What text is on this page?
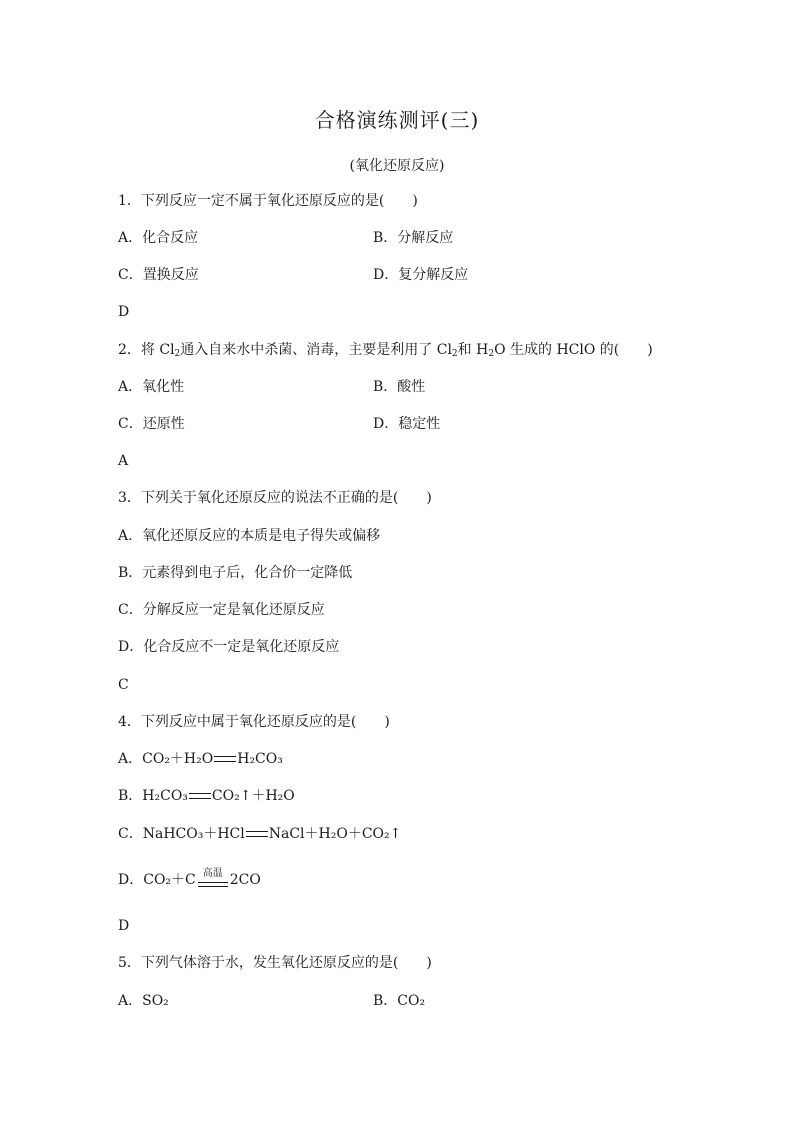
合格演练测评(三)
(氧化还原反应)
1．下列反应一定不属于氧化还原反应的是(　　)
A．化合反应	B．分解反应
C．置换反应	D．复分解反应
D
2．将 $Cl_2$通入自来水中杀菌、消毒，主要是利用了 $Cl_2$和 $H_2O$ 生成的 HClO 的(　　)
A．氧化性	B．酸性
C．还原性	D．稳定性
A
3．下列关于氧化还原反应的说法不正确的是(　　)
A．氧化还原反应的本质是电子得失或偏移
B．元素得到电子后，化合价一定降低
C．分解反应一定是氧化还原反应
D．化合反应不一定是氧化还原反应
C
4．下列反应中属于氧化还原反应的是(　　)
A．CO₂＋H₂O H₂CO₃
B．H₂CO₃ CO₂↑＋H₂O
C．NaHCO₃＋HCl NaCl＋H₂O＋CO₂↑
D．CO₂＋C 高温 2CO
D
5．下列气体溶于水，发生氧化还原反应的是(　　)
A．SO₂	B．CO₂
